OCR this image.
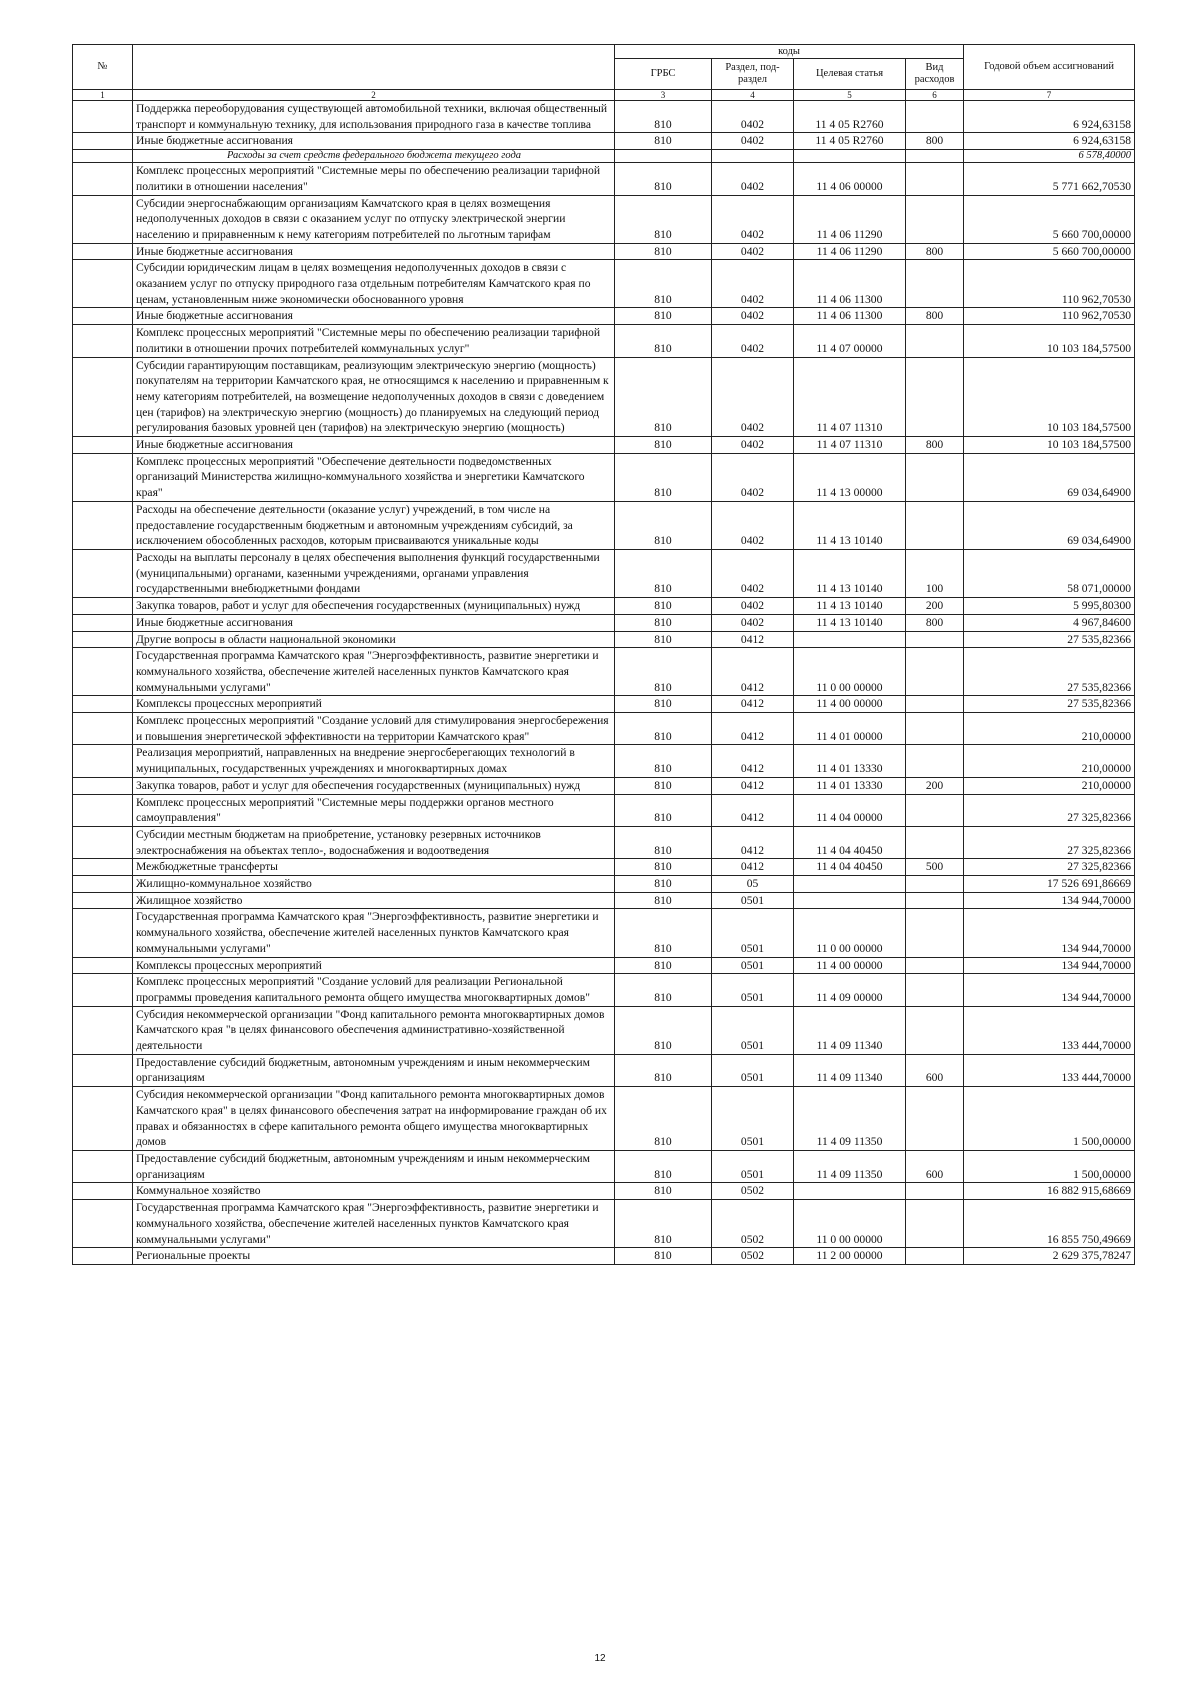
№		коды				Годовой объем ассигнований
		ГРБС	Раздел, под-раздел	Целевая статья	Вид расходов	
1	2	3	4	5	6	7
	Поддержка переоборудования существующей автомобильной техники, включая общественный транспорт и коммунальную технику, для использования природного газа в качестве топлива	810	0402	11 4 05 R2760		6 924,63158
	Иные бюджетные ассигнования	810	0402	11 4 05 R2760	800	6 924,63158
	Расходы за счет средств федерального бюджета текущего года					6 578,40000
	Комплекс процессных мероприятий "Системные меры по обеспечению реализации тарифной политики в отношении населения"	810	0402	11 4 06 00000		5 771 662,70530
	Субсидии энергоснабжающим организациям Камчатского края в целях возмещения недополученных доходов в связи с оказанием услуг по отпуску электрической энергии населению и приравненным к нему категориям потребителей по льготным тарифам	810	0402	11 4 06 11290		5 660 700,00000
	Иные бюджетные ассигнования	810	0402	11 4 06 11290	800	5 660 700,00000
	Субсидии юридическим лицам в целях возмещения недополученных доходов в связи с оказанием услуг по отпуску природного газа отдельным потребителям Камчатского края по ценам, установленным ниже экономически обоснованного уровня	810	0402	11 4 06 11300		110 962,70530
	Иные бюджетные ассигнования	810	0402	11 4 06 11300	800	110 962,70530
	Комплекс процессных мероприятий "Системные меры по обеспечению реализации тарифной политики в отношении прочих потребителей коммунальных услуг"	810	0402	11 4 07 00000		10 103 184,57500
	Субсидии гарантирующим поставщикам, реализующим электрическую энергию (мощность) покупателям на территории Камчатского края, не относящимся к населению и приравненным к нему категориям потребителей, на возмещение недополученных доходов в связи с доведением цен (тарифов) на электрическую энергию (мощность) до планируемых на следующий период регулирования базовых уровней цен (тарифов) на электрическую энергию (мощность)	810	0402	11 4 07 11310		10 103 184,57500
	Иные бюджетные ассигнования	810	0402	11 4 07 11310	800	10 103 184,57500
	Комплекс процессных мероприятий "Обеспечение деятельности подведомственных организаций Министерства жилищно-коммунального хозяйства и энергетики Камчатского края"	810	0402	11 4 13 00000		69 034,64900
	Расходы на обеспечение деятельности (оказание услуг) учреждений, в том числе на предоставление государственным бюджетным и автономным учреждениям субсидий, за исключением обособленных расходов, которым присваиваются уникальные коды	810	0402	11 4 13 10140		69 034,64900
	Расходы на выплаты персоналу в целях обеспечения выполнения функций государственными (муниципальными) органами, казенными учреждениями, органами управления государственными внебюджетными фондами	810	0402	11 4 13 10140	100	58 071,00000
	Закупка товаров, работ и услуг для обеспечения государственных (муниципальных) нужд	810	0402	11 4 13 10140	200	5 995,80300
	Иные бюджетные ассигнования	810	0402	11 4 13 10140	800	4 967,84600
	Другие вопросы в области национальной экономики	810	0412			27 535,82366
	Государственная программа Камчатского края "Энергоэффективность, развитие энергетики и коммунального хозяйства, обеспечение жителей населенных пунктов Камчатского края коммунальными услугами"	810	0412	11 0 00 00000		27 535,82366
	Комплексы процессных мероприятий	810	0412	11 4 00 00000		27 535,82366
	Комплекс процессных мероприятий "Создание условий для стимулирования энергосбережения и повышения энергетической эффективности на территории Камчатского края"	810	0412	11 4 01 00000		210,00000
	Реализация мероприятий, направленных на внедрение энергосберегающих технологий в муниципальных, государственных учреждениях и многоквартирных домах	810	0412	11 4 01 13330		210,00000
	Закупка товаров, работ и услуг для обеспечения государственных (муниципальных) нужд	810	0412	11 4 01 13330	200	210,00000
	Комплекс процессных мероприятий "Системные меры поддержки органов местного самоуправления"	810	0412	11 4 04 00000		27 325,82366
	Субсидии местным бюджетам на приобретение, установку резервных источников электроснабжения на объектах тепло-, водоснабжения и водоотведения	810	0412	11 4 04 40450		27 325,82366
	Межбюджетные трансферты	810	0412	11 4 04 40450	500	27 325,82366
	Жилищно-коммунальное хозяйство	810	05			17 526 691,86669
	Жилищное хозяйство	810	0501			134 944,70000
	Государственная программа Камчатского края "Энергоэффективность, развитие энергетики и коммунального хозяйства, обеспечение жителей населенных пунктов Камчатского края коммунальными услугами"	810	0501	11 0 00 00000		134 944,70000
	Комплексы процессных мероприятий	810	0501	11 4 00 00000		134 944,70000
	Комплекс процессных мероприятий "Создание условий для реализации Региональной программы проведения капитального ремонта общего имущества многоквартирных домов"	810	0501	11 4 09 00000		134 944,70000
	Субсидия некоммерческой организации "Фонд капитального ремонта многоквартирных домов Камчатского края "в целях финансового обеспечения административно-хозяйственной деятельности	810	0501	11 4 09 11340		133 444,70000
	Предоставление субсидий бюджетным, автономным учреждениям и иным некоммерческим организациям	810	0501	11 4 09 11340	600	133 444,70000
	Субсидия некоммерческой организации "Фонд капитального ремонта многоквартирных домов Камчатского края" в целях финансового обеспечения затрат на информирование граждан об их правах и обязанностях в сфере капитального ремонта общего имущества многоквартирных домов	810	0501	11 4 09 11350		1 500,00000
	Предоставление субсидий бюджетным, автономным учреждениям и иным некоммерческим организациям	810	0501	11 4 09 11350	600	1 500,00000
	Коммунальное хозяйство	810	0502			16 882 915,68669
	Государственная программа Камчатского края "Энергоэффективность, развитие энергетики и коммунального хозяйства, обеспечение жителей населенных пунктов Камчатского края коммунальными услугами"	810	0502	11 0 00 00000		16 855 750,49669
	Региональные проекты	810	0502	11 2 00 00000		2 629 375,78247
12
